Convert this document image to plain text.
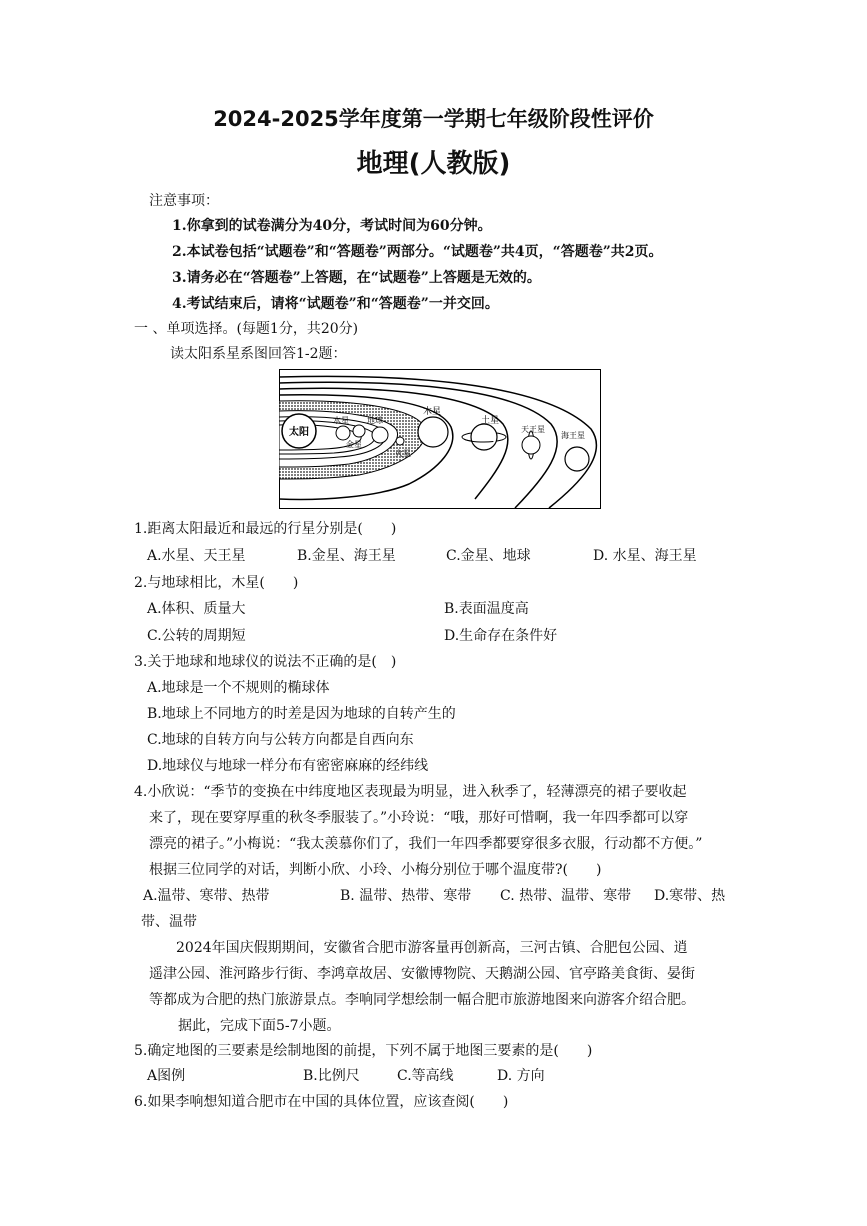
2024-2025学年度第一学期七年级阶段性评价
地理(人教版)
注意事项：
1.你拿到的试卷满分为40分，考试时间为60分钟。
2.本试卷包括“试题卷”和“答题卷”两部分。“试题卷”共4页，“答题卷”共2页。
3.请务必在“答题卷”上答题，在“试题卷”上答题是无效的。
4.考试结束后，请将“试题卷”和“答题卷”一并交回。
一 、单项选择。(每题1分，共20分)
读太阳系星系图回答1-2题：
太阳
水星
金星
地球
火星
木星
土星
天王星
海王星
1.距离太阳最近和最远的行星分别是(　　)
A.水星、天王星	B.金星、海王星	C.金星、地球	D. 水星、海王星
2.与地球相比，木星(　　)
A.体积、质量大	B.表面温度高
C.公转的周期短	D.生命存在条件好
3.关于地球和地球仪的说法不正确的是(　)
A.地球是一个不规则的椭球体
B.地球上不同地方的时差是因为地球的自转产生的
C.地球的自转方向与公转方向都是自西向东
D.地球仪与地球一样分布有密密麻麻的经纬线
4.小欣说：“季节的变换在中纬度地区表现最为明显，进入秋季了，轻薄漂亮的裙子要收起
来了，现在要穿厚重的秋冬季服装了。”小玲说：“哦，那好可惜啊，我一年四季都可以穿
漂亮的裙子。”小梅说：“我太羡慕你们了，我们一年四季都要穿很多衣服，行动都不方便。”
根据三位同学的对话，判断小欣、小玲、小梅分别位于哪个温度带?(　　)
A.温带、寒带、热带	B. 温带、热带、寒带 C. 热带、温带、寒带 D.寒带、热
带、温带
2024年国庆假期期间，安徽省合肥市游客量再创新高，三河古镇、合肥包公园、逍
遥津公园、淮河路步行街、李鸿章故居、安徽博物院、天鹅湖公园、官亭路美食街、晏街
等都成为合肥的热门旅游景点。李响同学想绘制一幅合肥市旅游地图来向游客介绍合肥。
据此，完成下面5-7小题。
5.确定地图的三要素是绘制地图的前提，下列不属于地图三要素的是(　　)
A图例	B.比例尺	C.等高线	D. 方向
6.如果李响想知道合肥市在中国的具体位置，应该查阅(　　)
